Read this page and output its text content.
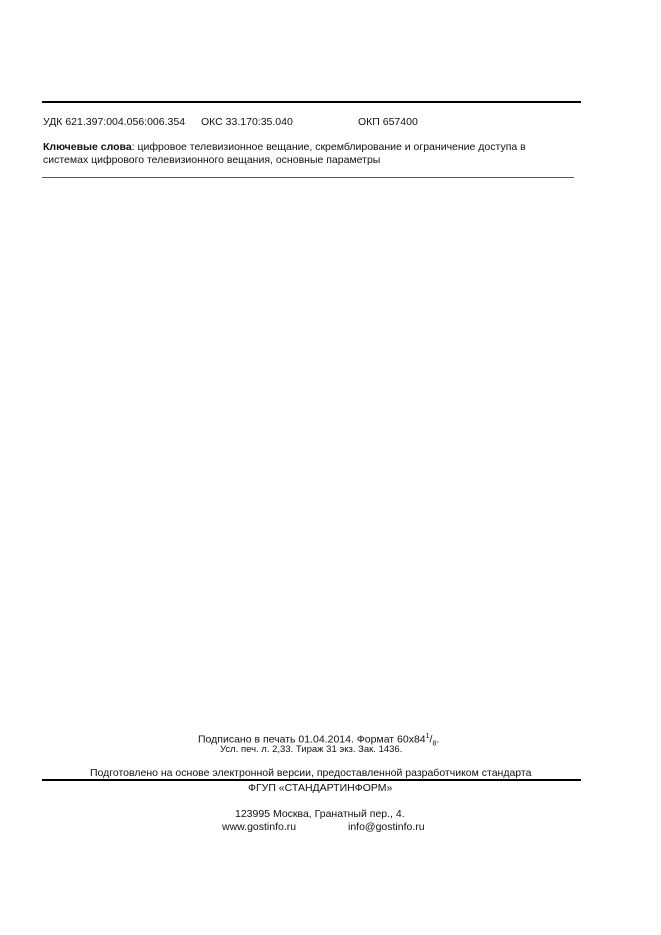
УДК 621.397:004.056:006.354 ОКС 33.170:35.040	ОКП 657400
Ключевые слова: цифровое телевизионное вещание, скремблирование и ограничение доступа в
системах цифрового телевизионного вещания, основные параметры
Подписано в печать 01.04.2014. Формат $60x84^1/_8$.
Усл. печ. л. 2,33. Тираж 31 экз. Зак. 1436.
Подготовлено на основе электронной версии, предоставленной разработчиком стандарта
ФГУП «СТАНДАРТИНФОРМ»
123995 Москва, Гранатный пер., 4.
www.gostinfo.ru	info@gostinfo.ru
